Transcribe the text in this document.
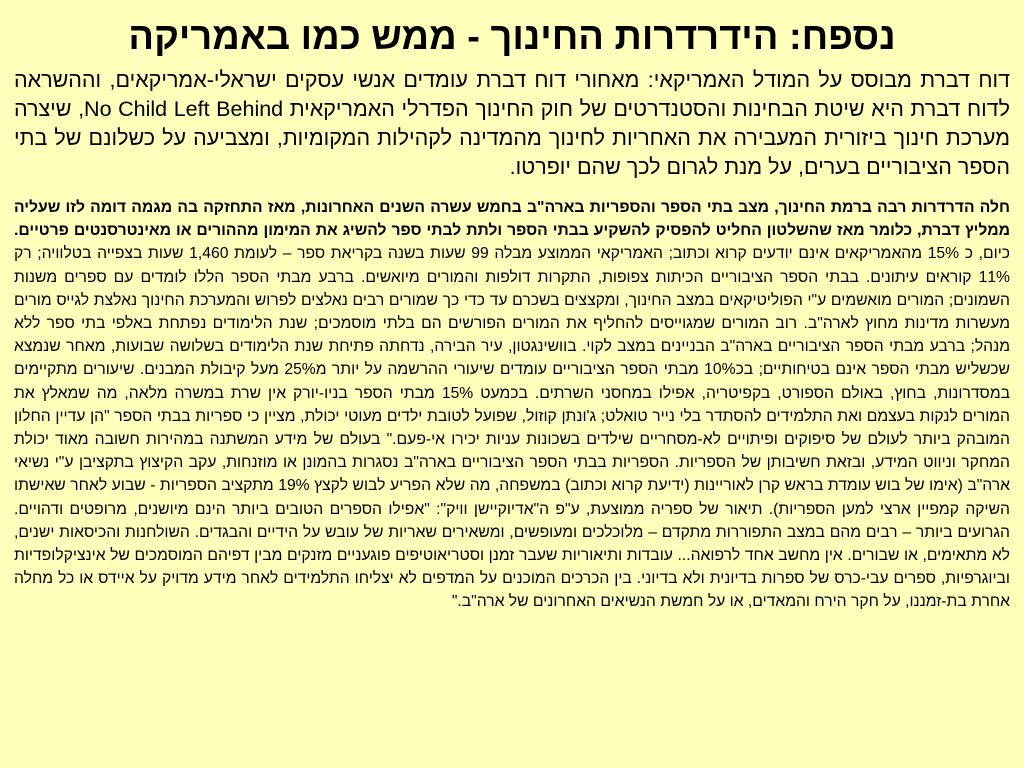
נספח: הידרדרות החינוך - ממש כמו באמריקה

דוח דברת מבוסס על המודל האמריקאי: מאחורי דוח דברת עומדים אנשי עסקים ישראלי-אמריקאים, וההשראה לדוח דברת היא שיטת הבחינות והסטנדרטים של חוק החינוך הפדרלי האמריקאית No Child Left Behind, שיצרה מערכת חינוך ביזורית המעבירה את האחריות לחינוך מהמדינה לקהילות המקומיות, ומצביעה על כשלונם של בתי הספר הציבוריים בערים, על מנת לגרום לכך שהם יופרטו.

חלה הדרדרות רבה ברמת החינוך, מצב בתי הספר והספריות בארה"ב בחמש עשרה השנים האחרונות, מאז התחזקה בה מגמה דומה לזו שעליה ממליץ דברת, כלומר מאז שהשלטון החליט להפסיק להשקיע בבתי הספר ולתת לבתי ספר להשיג את המימון מההורים או מאינטרסנטים פרטיים. כיום, כ 15% מהאמריקאים אינם יודעים קרוא וכתוב; האמריקאי הממוצע מבלה 99 שעות בשנה בקריאת ספר – לעומת 1,460 שעות בצפייה בטלוויה; רק 11% קוראים עיתונים. בבתי הספר הציבוריים הכיתות צפופות, התקרות דולפות והמורים מיואשים. ברבע מבתי הספר הללו לומדים עם ספרים משנות השמונים; המורים מואשמים ע"י הפוליטיקאים במצב החינוך, ומקצצים בשכרם עד כדי כך שמורים רבים נאלצים לפרוש והמערכת החינוך נאלצת לגייס מורים מעשרות מדינות מחוץ לארה"ב. רוב המורים שמגוייסים להחליף את המורים הפורשים הם בלתי מוסמכים; שנת הלימודים נפתחת באלפי בתי ספר ללא מנהל; ברבע מבתי הספר הציבוריים בארה"ב הבניינים במצב לקוי. בוושינגטון, עיר הבירה, נדחתה פתיחת שנת הלימודים בשלושה שבועות, מאחר שנמצא שכשליש מבתי הספר אינם בטיחותיים; בכ10% מבתי הספר הציבוריים עומדים שיעורי ההרשמה על יותר מ25% מעל קיבולת המבנים. שיעורים מתקיימים במסדרונות, בחוץ, באולם הספורט, בקפיטריה, אפילו במחסני השרתים. בכמעט 15% מבתי הספר בניו-יורק אין שרת במשרה מלאה, מה שמאלץ את המורים לנקות בעצמם ואת התלמידים להסתדר בלי נייר טואלט; ג'ונתן קוזול, שפועל לטובת ילדים מעוטי יכולת, מציין כי ספריות בבתי הספר "הן עדיין החלון המובהק ביותר לעולם של סיפוקים ופיתויים לא-מסחריים שילדים בשכונות עניות יכירו אי-פעם." בעולם של מידע המשתנה במהירות חשובה מאוד יכולת המחקר וניווט המידע, ובזאת חשיבותן של הספריות. הספריות בבתי הספר הציבוריים בארה"ב נסגרות בהמונן או מוזנחות, עקב הקיצוץ בתקציבן ע"י נשיאי ארה"ב (אימו של בוש עומדת בראש קרן לאוריינות (ידיעת קרוא וכתוב) במשפחה, מה שלא הפריע לבוש לקצץ 19% מתקציב הספריות - שבוע לאחר שאישתו השיקה קמפיין ארצי למען הספריות). תיאור של ספריה ממוצעת, ע"פ ה"אדיוקיישן וויק": "אפילו הספרים הטובים ביותר הינם מיושנים, מרופטים ודהויים. הגרועים ביותר – רבים מהם במצב התפוררות מתקדם – מלוכלכים ומעופשים, ומשאירים שאריות של עובש על הידיים והבגדים. השולחנות והכיסאות ישנים, לא מתאימים, או שבורים. אין מחשב אחד לרפואה... עובדות ותיאוריות שעבר זמנן וסטריאוטיפים פוגעניים מזנקים מבין דפיהם המוסמכים של אינציקלופדיות וביוגרפיות, ספרים עבי-כרס של ספרות בדיונית ולא בדיוני. בין הכרכים המוכנים על המדפים לא יצליחו התלמידים לאחר מידע מדויק על איידס או כל מחלה אחרת בת-זמננו, על חקר הירח והמאדים, או על חמשת הנשיאים האחרונים של ארה"ב."
